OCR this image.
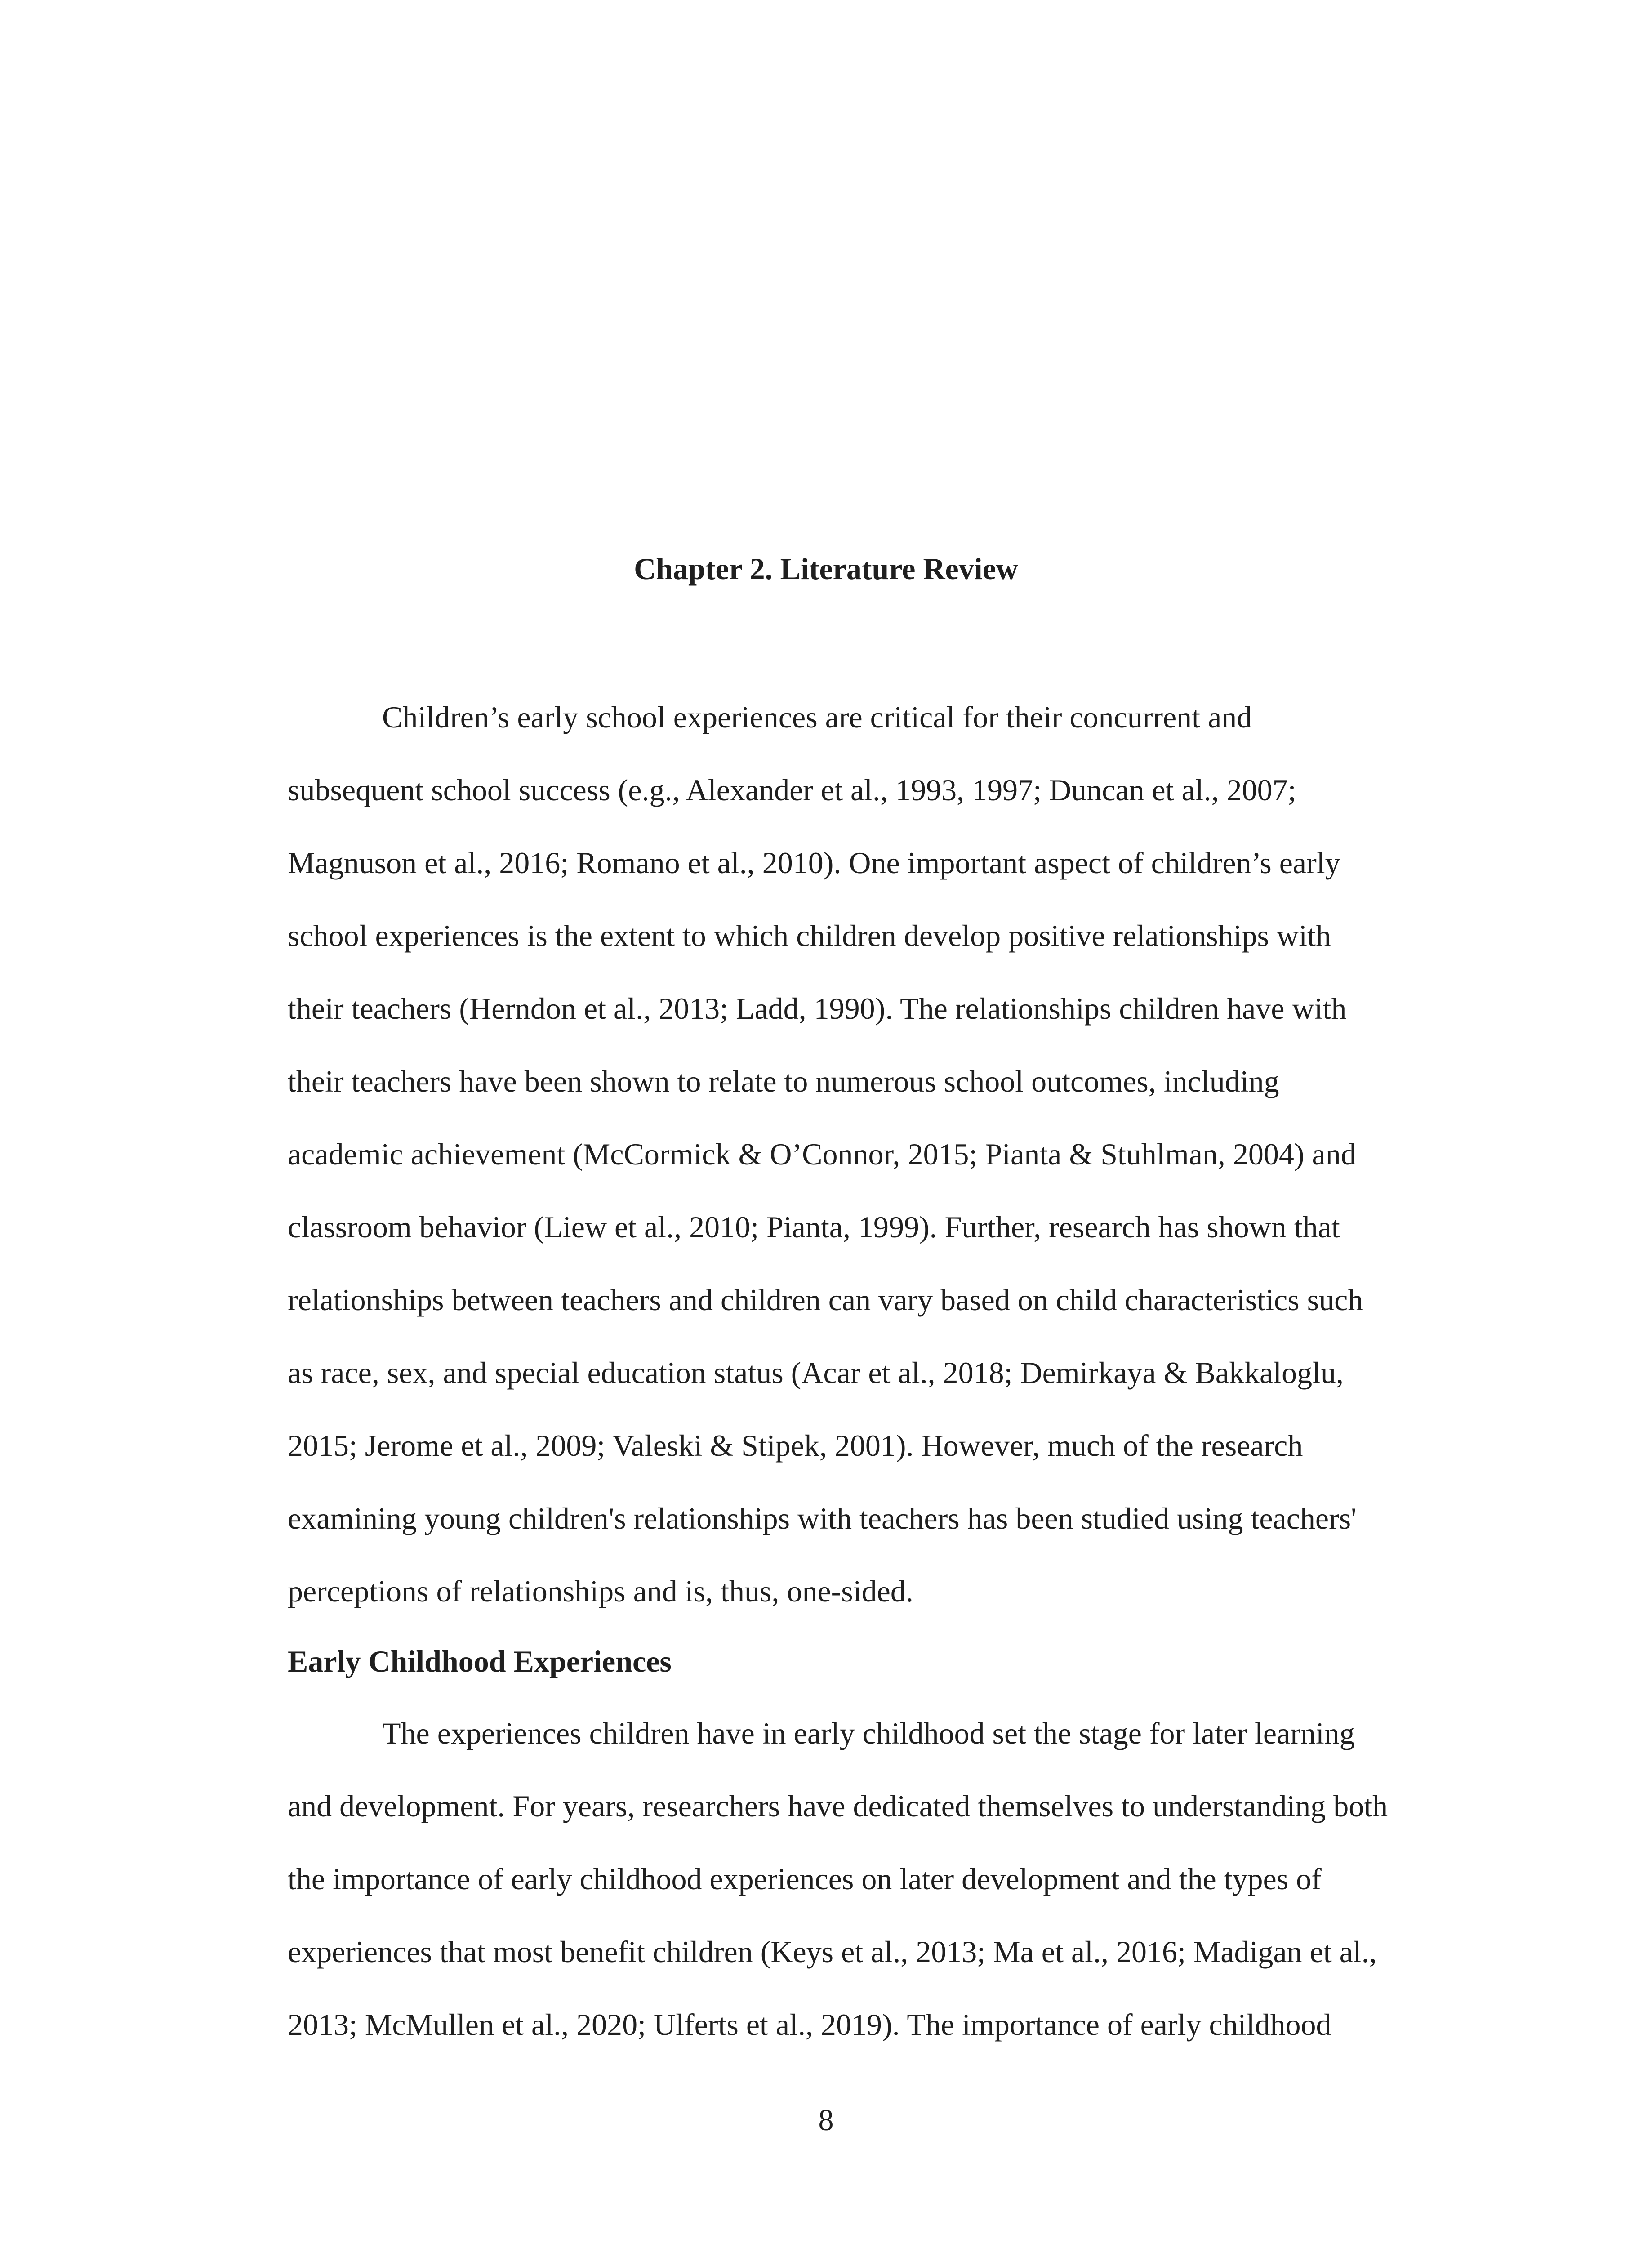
Chapter 2. Literature Review

Children’s early school experiences are critical for their concurrent and

subsequent school success (e.g., Alexander et al., 1993, 1997; Duncan et al., 2007;

Magnuson et al., 2016; Romano et al., 2010). One important aspect of children’s early

school experiences is the extent to which children develop positive relationships with

their teachers (Herndon et al., 2013; Ladd, 1990). The relationships children have with

their teachers have been shown to relate to numerous school outcomes, including

academic achievement (McCormick & O’Connor, 2015; Pianta & Stuhlman, 2004) and

classroom behavior (Liew et al., 2010; Pianta, 1999). Further, research has shown that

relationships between teachers and children can vary based on child characteristics such

as race, sex, and special education status (Acar et al., 2018; Demirkaya & Bakkaloglu,

2015; Jerome et al., 2009; Valeski & Stipek, 2001). However, much of the research

examining young children's relationships with teachers has been studied using teachers'

perceptions of relationships and is, thus, one-sided.

Early Childhood Experiences

The experiences children have in early childhood set the stage for later learning

and development. For years, researchers have dedicated themselves to understanding both

the importance of early childhood experiences on later development and the types of

experiences that most benefit children (Keys et al., 2013; Ma et al., 2016; Madigan et al.,

2013; McMullen et al., 2020; Ulferts et al., 2019). The importance of early childhood

8
